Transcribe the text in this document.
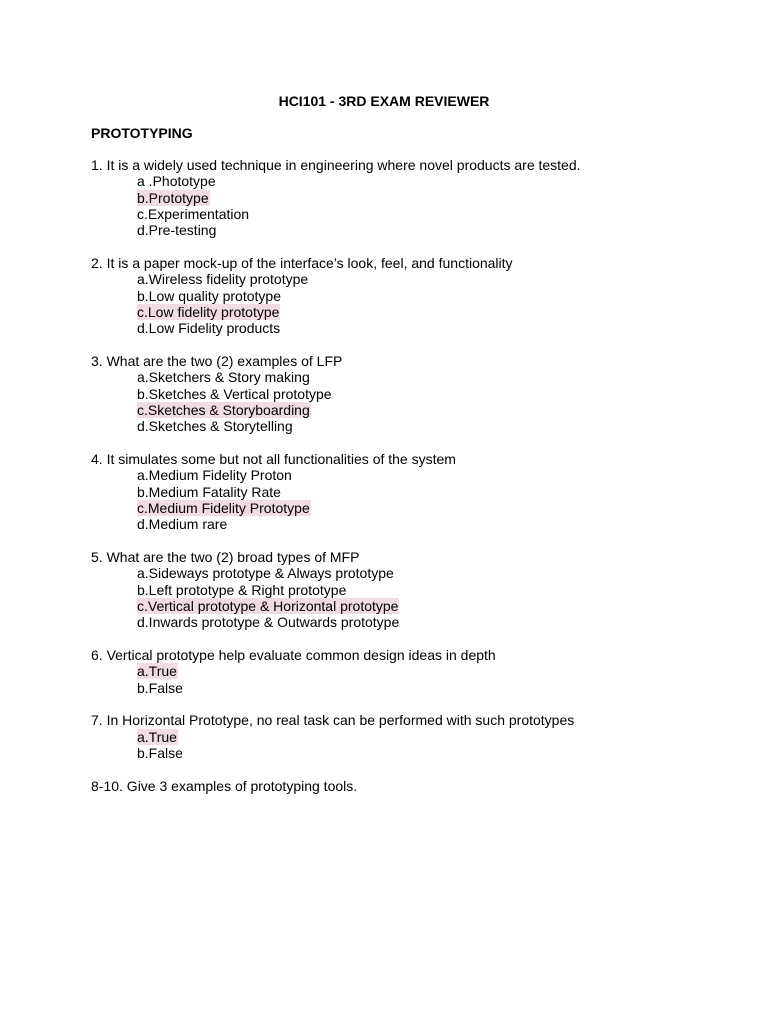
HCI101 - 3RD EXAM REVIEWER
PROTOTYPING
1. It is a widely used technique in engineering where novel products are tested.
a .Phototype
b.Prototype
c.Experimentation
d.Pre-testing
2. It is a paper mock-up of the interface’s look, feel, and functionality
a.Wireless fidelity prototype
b.Low quality prototype
c.Low fidelity prototype
d.Low Fidelity products
3. What are the two (2) examples of LFP
a.Sketchers & Story making
b.Sketches & Vertical prototype
c.Sketches & Storyboarding
d.Sketches & Storytelling
4. It simulates some but not all functionalities of the system
a.Medium Fidelity Proton
b.Medium Fatality Rate
c.Medium Fidelity Prototype
d.Medium rare
5. What are the two (2) broad types of MFP
a.Sideways prototype & Always prototype
b.Left prototype & Right prototype
c.Vertical prototype & Horizontal prototype
d.Inwards prototype & Outwards prototype
6. Vertical prototype help evaluate common design ideas in depth
a.True
b.False
7. In Horizontal Prototype, no real task can be performed with such prototypes
a.True
b.False
8-10. Give 3 examples of prototyping tools.
